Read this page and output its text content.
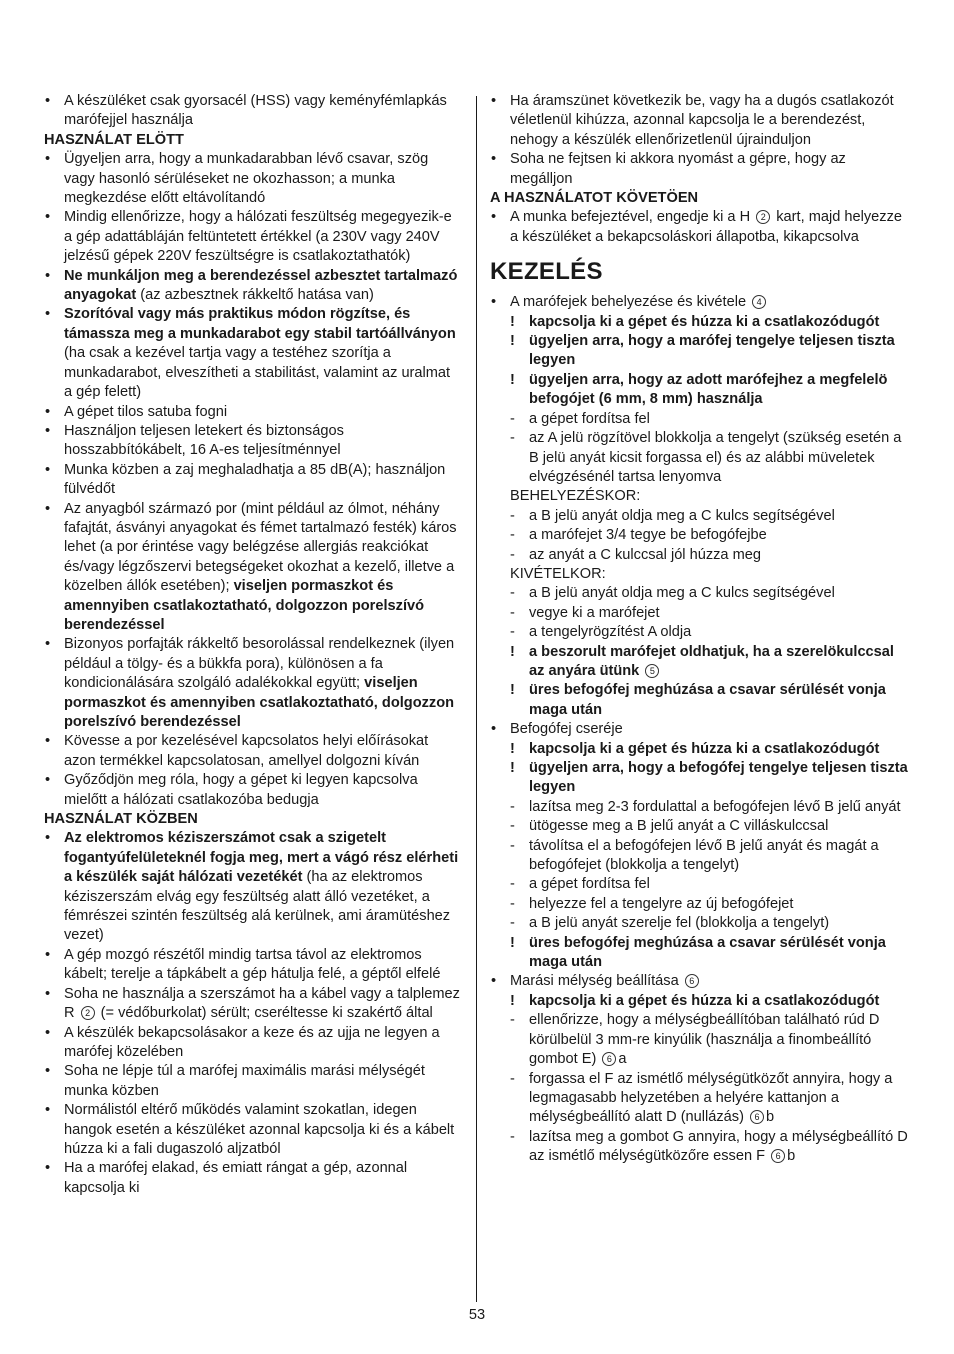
• A készüléket csak gyorsacél (HSS) vagy keményfémlapkás marófejjel használja
HASZNÁLAT ELÖTT
• Ügyeljen arra, hogy a munkadarabban lévő csavar, szög vagy hasonló sérüléseket ne okozhasson; a munka megkezdése előtt eltávolítandó
• Mindig ellenőrizze, hogy a hálózati feszültség megegyezik-e a gép adattábláján feltüntetett értékkel (a 230V vagy 240V jelzésű gépek 220V feszültségre is csatlakoztathatók)
• Ne munkáljon meg a berendezéssel azbesztet tartalmazó anyagokat (az azbesztnek rákkeltő hatása van)
• Szorítóval vagy más praktikus módon rögzítse, és támassza meg a munkadarabot egy stabil tartóállványon (ha csak a kezével tartja vagy a testéhez szorítja a munkadarabot, elveszítheti a stabilitást, valamint az uralmat a gép felett)
• A gépet tilos satuba fogni
• Használjon teljesen letekert és biztonságos hosszabbítókábelt, 16 A-es teljesítménnyel
• Munka közben a zaj meghaladhatja a 85 dB(A); használjon fülvédőt
• Az anyagból származó por (mint például az ólmot, néhány fafajtát, ásványi anyagokat és fémet tartalmazó festék) káros lehet (a por érintése vagy belégzése allergiás reakciókat és/vagy légzőszervi betegségeket okozhat a kezelő, illetve a közelben állók esetében); viseljen pormaszkot és amennyiben csatlakoztatható, dolgozzon porelszívó berendezéssel
• Bizonyos porfajták rákkeltő besorolással rendelkeznek (ilyen például a tölgy- és a bükkfa pora), különösen a fa kondicionálására szolgáló adalékokkal együtt; viseljen pormaszkot és amennyiben csatlakoztatható, dolgozzon porelszívó berendezéssel
• Kövesse a por kezelésével kapcsolatos helyi előírásokat azon termékkel kapcsolatosan, amellyel dolgozni kíván
• Győződjön meg róla, hogy a gépet ki legyen kapcsolva mielőtt a hálózati csatlakozóba bedugja
HASZNÁLAT KÖZBEN
• Az elektromos kéziszerszámot csak a szigetelt fogantyúfelületeknél fogja meg, mert a vágó rész elérheti a készülék saját hálózati vezetékét (ha az elektromos kéziszerszám elvág egy feszültség alatt álló vezetéket, a fémrészei szintén feszültség alá kerülnek, ami áramütéshez vezet)
• A gép mozgó részétől mindig tartsa távol az elektromos kábelt; terelje a tápkábelt a gép hátulja felé, a géptől elfelé
• Soha ne használja a szerszámot ha a kábel vagy a talplemez R 2 (= védőburkolat) sérült; cseréltesse ki szakértő által
• A készülék bekapcsolásakor a keze és az ujja ne legyen a marófej közelében
• Soha ne lépje túl a marófej maximális marási mélységét munka közben
• Normálistól eltérő működés valamint szokatlan, idegen hangok esetén a készüléket azonnal kapcsolja ki és a kábelt húzza ki a fali dugaszoló aljzatból
• Ha a marófej elakad, és emiatt rángat a gép, azonnal kapcsolja ki
• Ha áramszünet következik be, vagy ha a dugós csatlakozót véletlenül kihúzza, azonnal kapcsolja le a berendezést, nehogy a készülék ellenőrizetlenül újrainduljon
• Soha ne fejtsen ki akkora nyomást a gépre, hogy az megálljon
A HASZNÁLATOT KÖVETÖEN
• A munka befejeztével, engedje ki a H 2 kart, majd helyezze a készüléket a bekapcsoláskori állapotba, kikapcsolva
KEZELÉS
• A marófejek behelyezése és kivétele 4
! kapcsolja ki a gépet és húzza ki a csatlakozódugót
! ügyeljen arra, hogy a marófej tengelye teljesen tiszta legyen
! ügyeljen arra, hogy az adott marófejhez a megfelelö befogójet (6 mm, 8 mm) használja
- a gépet fordítsa fel
- az A jelü rögzítövel blokkolja a tengelyt (szükség esetén a B jelü anyát kicsit forgassa el) és az alábbi müveletek elvégzésénél tartsa lenyomva
BEHELYEZÉSKOR:
- a B jelü anyát oldja meg a C kulcs segítségével
- a marófejet 3/4 tegye be befogófejbe
- az anyát a C kulccsal jól húzza meg
KIVÉTELKOR:
- a B jelü anyát oldja meg a C kulcs segítségével
- vegye ki a marófejet
- a tengelyrögzítést A oldja
! a beszorult marófejet oldhatjuk, ha a szerelökulccsal az anyára ütünk 5
! üres befogófej meghúzása a csavar sérülését vonja maga után
• Befogófej cseréje
! kapcsolja ki a gépet és húzza ki a csatlakozódugót
! ügyeljen arra, hogy a befogófej tengelye teljesen tiszta legyen
- lazítsa meg 2-3 fordulattal a befogófejen lévő B jelű anyát
- ütögesse meg a B jelű anyát a C villáskulccsal
- távolítsa el a befogófejen lévő B jelű anyát és magát a befogófejet (blokkolja a tengelyt)
- a gépet fordítsa fel
- helyezze fel a tengelyre az új befogófejet
- a B jelü anyát szerelje fel (blokkolja a tengelyt)
! üres befogófej meghúzása a csavar sérülését vonja maga után
• Marási mélység beállítása 6
! kapcsolja ki a gépet és húzza ki a csatlakozódugót
- ellenőrizze, hogy a mélységbeállítóban található rúd D körülbelül 3 mm-re kinyúlik (használja a finombeállító gombot E) 6 a
- forgassa el F az ismétlő mélységütközőt annyira, hogy a legmagasabb helyzetében a helyére kattanjon a mélységbeállító alatt D (nullázás) 6 b
- lazítsa meg a gombot G annyira, hogy a mélységbeállító D az ismétlő mélységütközőre essen F 6 b
53
